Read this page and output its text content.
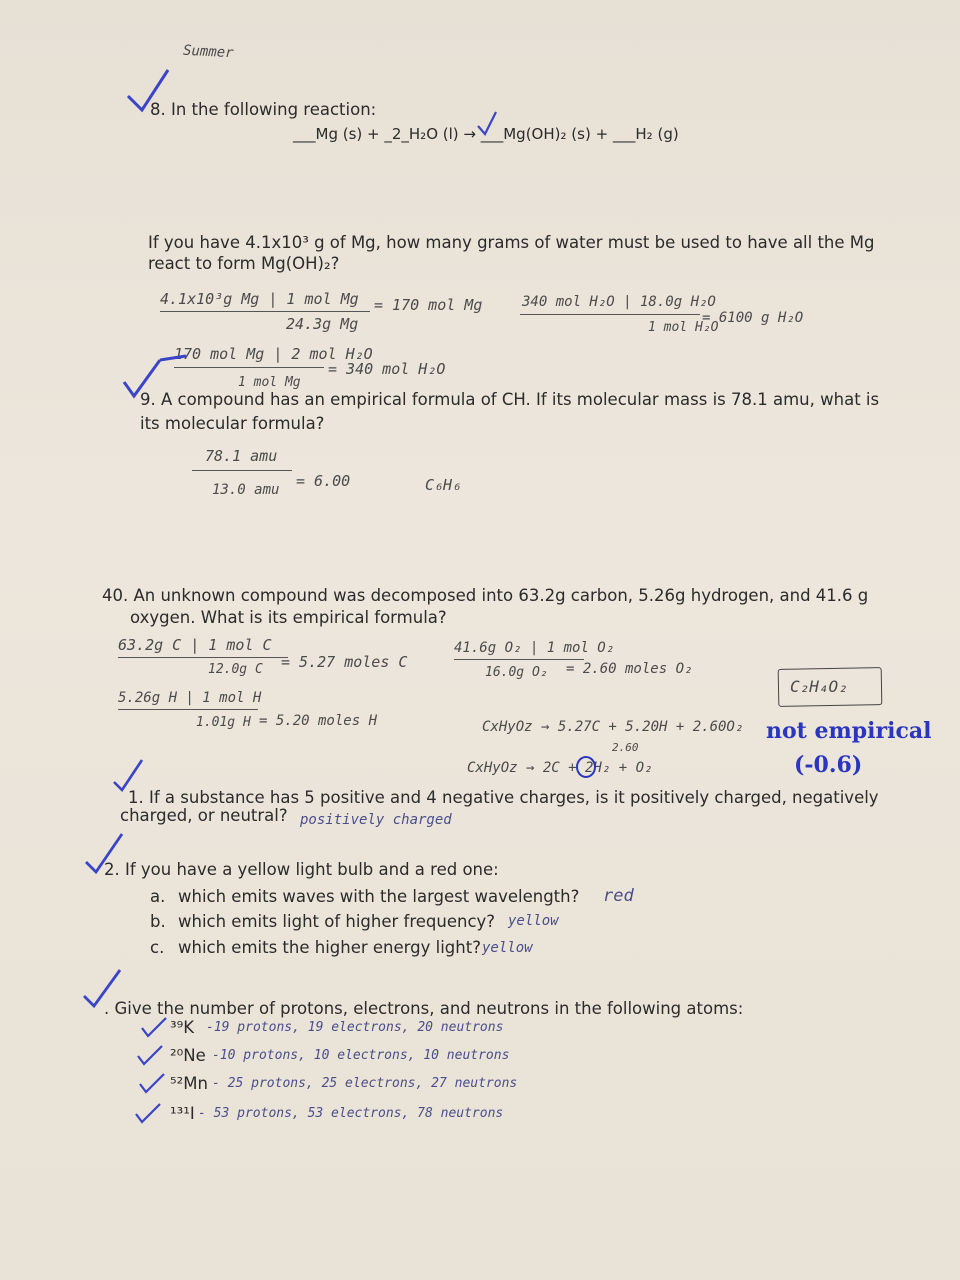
Summer
8. In the following reaction:
___Mg (s) + _2_H₂O (l) → ___Mg(OH)₂ (s) + ___H₂ (g)
If you have 4.1x10³ g of Mg, how many grams of water must be used to have all the Mg
react to form Mg(OH)₂?
4.1x10³g Mg | 1 mol Mg
24.3g Mg
= 170 mol Mg	340 mol H₂O | 18.0g H₂O
1 mol H₂O
= 6100 g H₂O
170 mol Mg | 2 mol H₂O
1 mol Mg
= 340 mol H₂O
9. A compound has an empirical formula of CH. If its molecular mass is 78.1 amu, what is
its molecular formula?
78.1 amu
13.0 amu = 6.00	C₆H₆
40. An unknown compound was decomposed into 63.2g carbon, 5.26g hydrogen, and 41.6 g
oxygen. What is its empirical formula?
63.2g C | 1 mol C
12.0g C = 5.27 moles C
41.6g O₂ | 1 mol O₂
16.0g O₂ = 2.60 moles O₂
C₂H₄O₂
5.26g H | 1 mol H
1.01g H = 5.20 moles H	CxHyOz → 5.27C + 5.20H + 2.60O₂
2.60
CxHyOz → 2C + 2H₂ + O₂
not empirical
(-0.6)
1. If a substance has 5 positive and 4 negative charges, is it positively charged, negatively
charged, or neutral? positively charged
2. If you have a yellow light bulb and a red one:
a. which emits waves with the largest wavelength? red
b. which emits light of higher frequency? yellow
c. which emits the higher energy light? yellow
. Give the number of protons, electrons, and neutrons in the following atoms:
³⁹K -19 protons, 19 electrons, 20 neutrons
²⁰Ne -10 protons, 10 electrons, 10 neutrons
⁵²Mn - 25 protons, 25 electrons, 27 neutrons
¹³¹I - 53 protons, 53 electrons, 78 neutrons
